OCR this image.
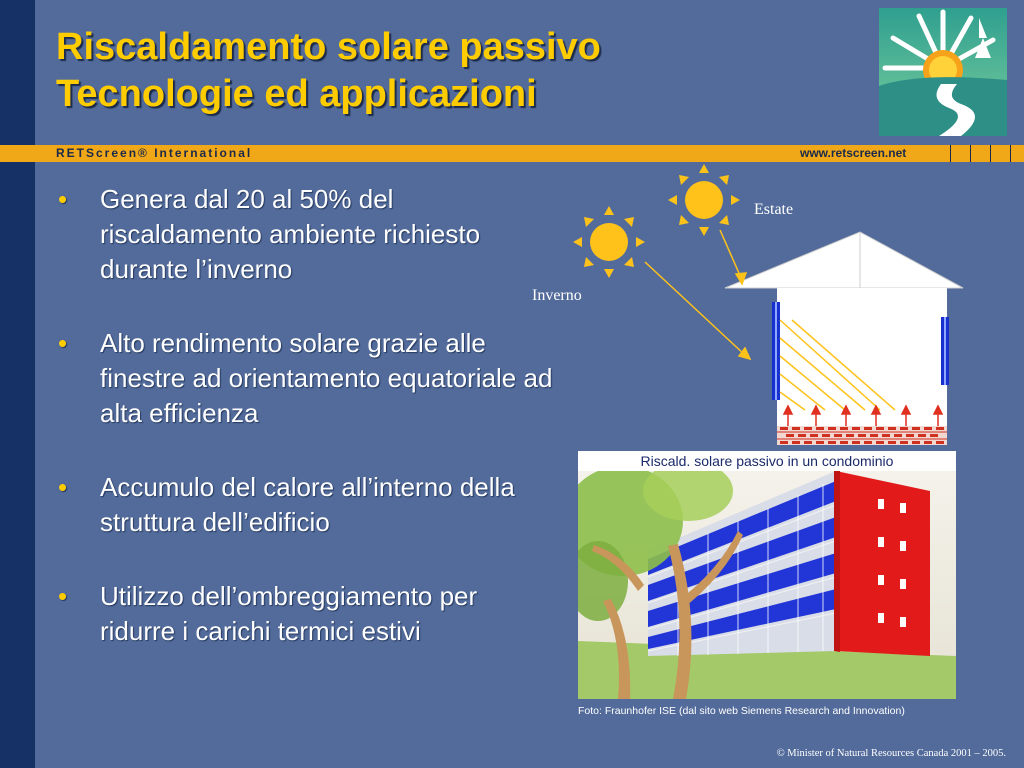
Riscaldamento solare passivo
Tecnologie ed applicazioni
RETScreen® International	www.retscreen.net
• Genera dal 20 al 50% del riscaldamento ambiente richiesto durante l’inverno
• Alto rendimento solare grazie alle finestre ad orientamento equatoriale ad alta efficienza
• Accumulo del calore all’interno della struttura dell’edificio
• Utilizzo dell’ombreggiamento per ridurre i carichi termici estivi
Estate
Inverno
Riscald. solare passivo in un condominio
Foto: Fraunhofer ISE (dal sito web Siemens Research and Innovation)
© Minister of Natural Resources Canada 2001 – 2005.
